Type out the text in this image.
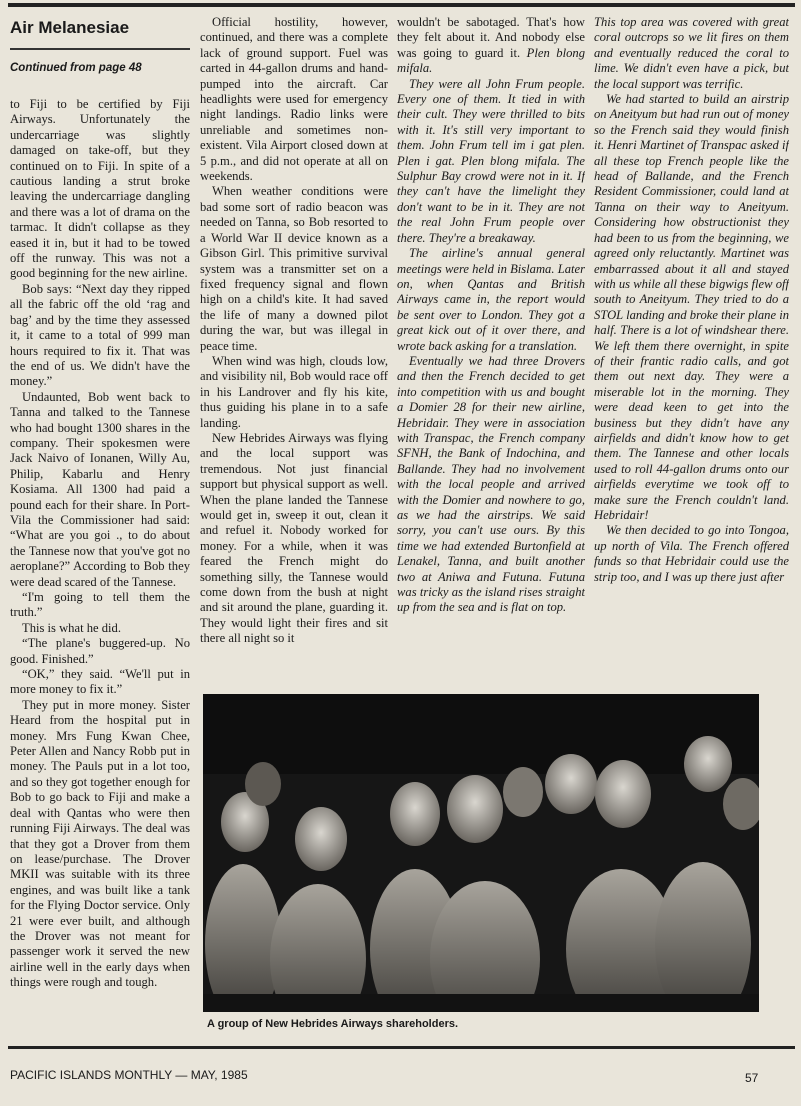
Air Melanesiae

Continued from page 48

to Fiji to be certified by Fiji Airways. Unfortunately the undercarriage was slightly damaged on take-off, but they continued on to Fiji. In spite of a cautious landing a strut broke leaving the undercarriage dangling and there was a lot of drama on the tarmac. It didn't collapse as they eased it in, but it had to be towed off the runway. This was not a good beginning for the new airline.

Bob says: “Next day they ripped all the fabric off the old ‘rag and bag’ and by the time they assessed it, it came to a total of 999 man hours required to fix it. That was the end of us. We didn't have the money.”

Undaunted, Bob went back to Tanna and talked to the Tannese who had bought 1300 shares in the company. Their spokesmen were Jack Naivo of Ionanen, Willy Au, Philip, Kabarlu and Henry Kosiama. All 1300 had paid a pound each for their share. In Port-Vila the Commissioner had said: “What are you goi ., to do about the Tannese now that you've got no aeroplane?” According to Bob they were dead scared of the Tannese.

“I'm going to tell them the truth.”

This is what he did.

“The plane's buggered-up. No good. Finished.”

“OK,” they said. “We'll put in more money to fix it.”

They put in more money. Sister Heard from the hospital put in money. Mrs Fung Kwan Chee, Peter Allen and Nancy Robb put in money. The Pauls put in a lot too, and so they got together enough for Bob to go back to Fiji and make a deal with Qantas who were then running Fiji Airways. The deal was that they got a Drover from them on lease/purchase. The Drover MKII was suitable with its three engines, and was built like a tank for the Flying Doctor service. Only 21 were ever built, and although the Drover was not meant for passenger work it served the new airline well in the early days when things were rough and tough.

Official hostility, however, continued, and there was a complete lack of ground support. Fuel was carted in 44-gallon drums and hand-pumped into the aircraft. Car headlights were used for emergency night landings. Radio links were unreliable and sometimes non-existent. Vila Airport closed down at 5 p.m., and did not operate at all on weekends.

When weather conditions were bad some sort of radio beacon was needed on Tanna, so Bob resorted to a World War II device known as a Gibson Girl. This primitive survival system was a transmitter set on a fixed frequency signal and flown high on a child's kite. It had saved the life of many a downed pilot during the war, but was illegal in peace time.

When wind was high, clouds low, and visibility nil, Bob would race off in his Landrover and fly his kite, thus guiding his plane in to a safe landing.

New Hebrides Airways was flying and the local support was tremendous. Not just financial support but physical support as well. When the plane landed the Tannese would get in, sweep it out, clean it and refuel it. Nobody worked for money. For a while, when it was feared the French might do something silly, the Tannese would come down from the bush at night and sit around the plane, guarding it. They would light their fires and sit there all night so it

wouldn't be sabotaged. That's how they felt about it. And nobody else was going to guard it. Plen blong mifala.

They were all John Frum people. Every one of them. It tied in with their cult. They were thrilled to bits with it. It's still very important to them. John Frum tell im i gat plen. Plen i gat. Plen blong mifala. The Sulphur Bay crowd were not in it. If they can't have the limelight they don't want to be in it. They are not the real John Frum people over there. They're a breakaway.

The airline's annual general meetings were held in Bislama. Later on, when Qantas and British Airways came in, the report would be sent over to London. They got a great kick out of it over there, and wrote back asking for a translation.

Eventually we had three Drovers and then the French decided to get into competition with us and bought a Domier 28 for their new airline, Hebridair. They were in association with Transpac, the French company SFNH, the Bank of Indochina, and Ballande. They had no involvement with the local people and arrived with the Domier and nowhere to go, as we had the airstrips. We said sorry, you can't use ours. By this time we had extended Burtonfield at Lenakel, Tanna, and built another two at Aniwa and Futuna. Futuna was tricky as the island rises straight up from the sea and is flat on top.

This top area was covered with great coral outcrops so we lit fires on them and eventually reduced the coral to lime. We didn't even have a pick, but the local support was terrific.

We had started to build an airstrip on Aneityum but had run out of money so the French said they would finish it. Henri Martinet of Transpac asked if all these top French people like the head of Ballande, and the French Resident Commissioner, could land at Tanna on their way to Aneityum. Considering how obstructionist they had been to us from the beginning, we agreed only reluctantly. Martinet was embarrassed about it all and stayed with us while all these bigwigs flew off south to Aneityum. They tried to do a STOL landing and broke their plane in half. There is a lot of windshear there. We left them there overnight, in spite of their frantic radio calls, and got them out next day. They were a miserable lot in the morning. They were dead keen to get into the business but they didn't have any airfields and didn't know how to get them. The Tannese and other locals used to roll 44-gallon drums onto our airfields everytime we took off to make sure the French couldn't land. Hebridair!

We then decided to go into Tongoa, up north of Vila. The French offered funds so that Hebridair could use the strip too, and I was up there just after

A group of New Hebrides Airways shareholders.

PACIFIC ISLANDS MONTHLY — MAY, 1985	57
